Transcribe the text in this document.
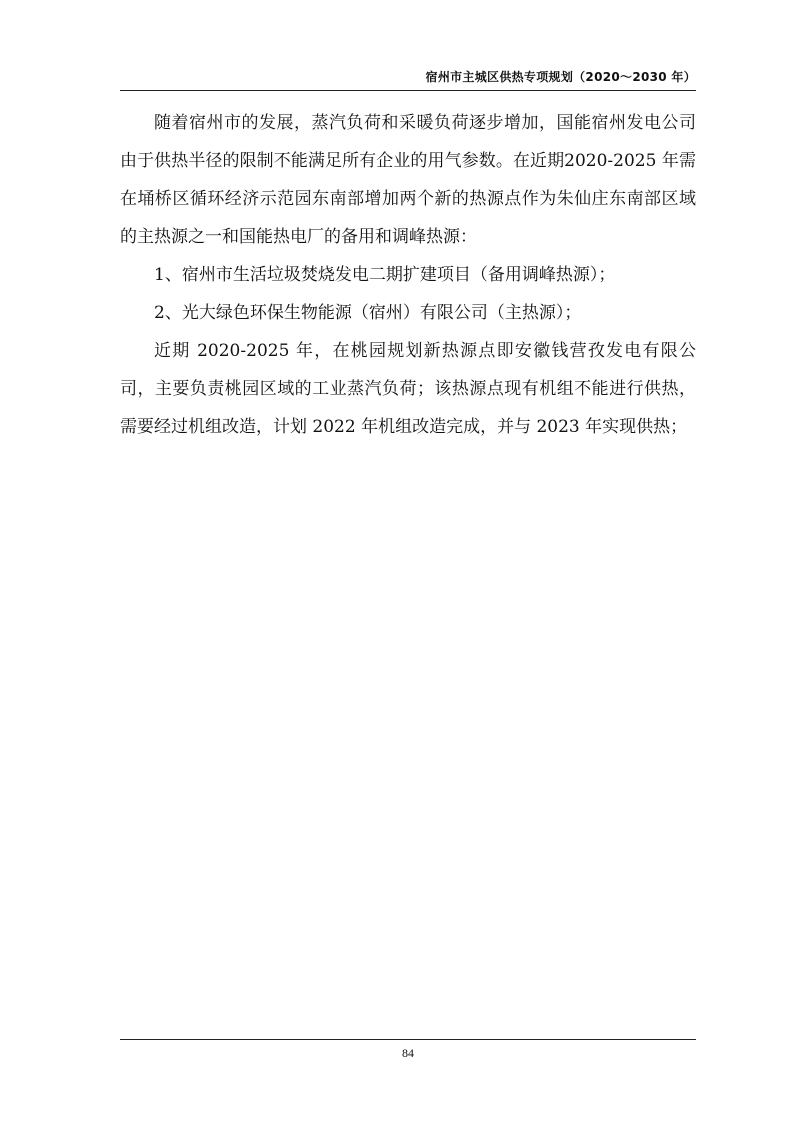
宿州市主城区供热专项规划（2020～2030 年）

随着宿州市的发展，蒸汽负荷和采暖负荷逐步增加，国能宿州发电公司由于供热半径的限制不能满足所有企业的用气参数。在近期2020-2025 年需在埇桥区循环经济示范园东南部增加两个新的热源点作为朱仙庄东南部区域的主热源之一和国能热电厂的备用和调峰热源：

1、宿州市生活垃圾焚烧发电二期扩建项目（备用调峰热源）；

2、光大绿色环保生物能源（宿州）有限公司（主热源）；

近期 2020-2025 年，在桃园规划新热源点即安徽钱营孜发电有限公司，主要负责桃园区域的工业蒸汽负荷；该热源点现有机组不能进行供热，需要经过机组改造，计划 2022 年机组改造完成，并与 2023 年实现供热；

84
